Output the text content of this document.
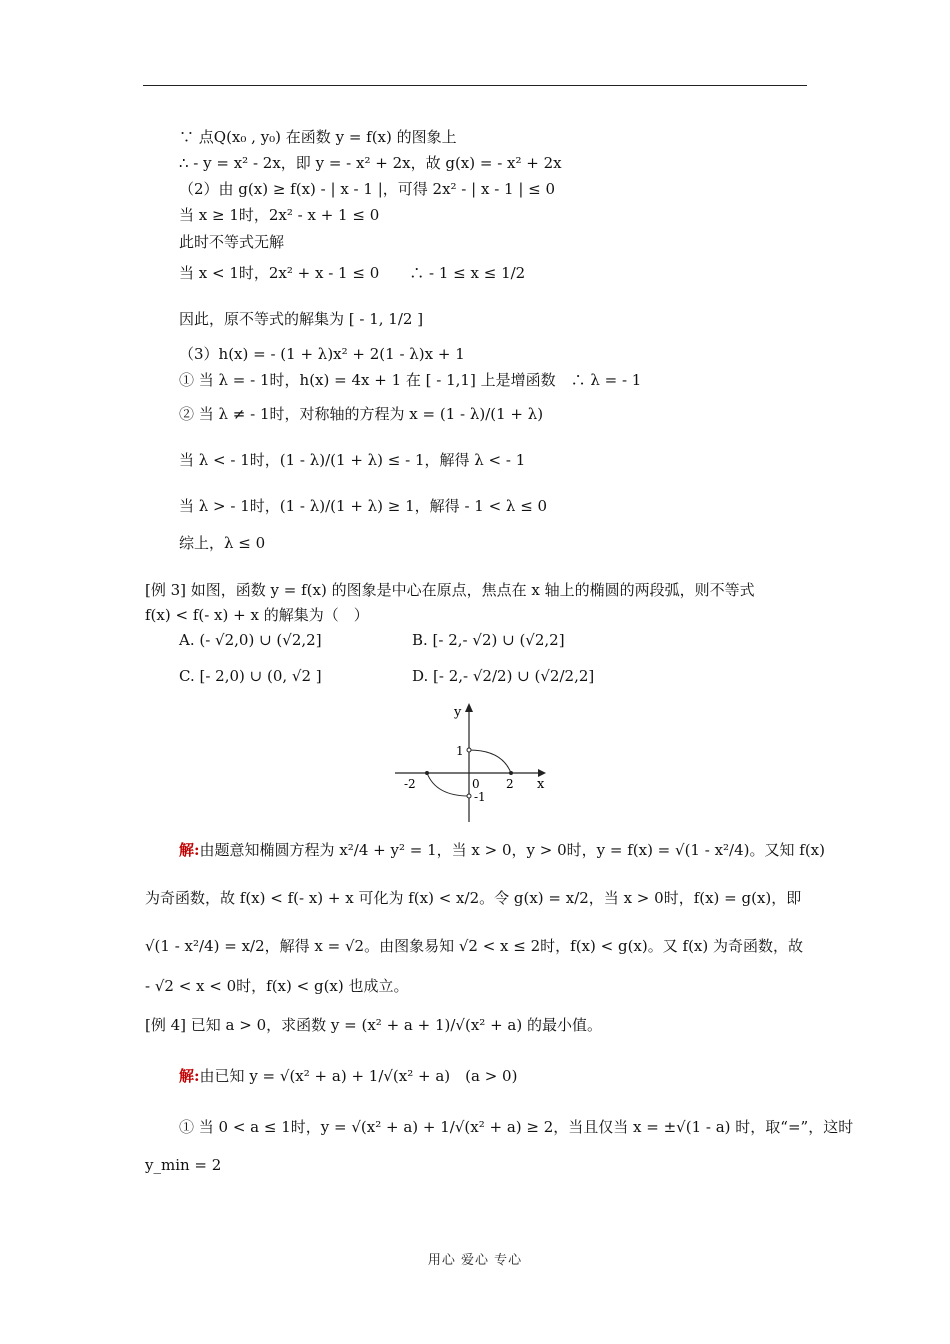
∵ 点Q(x₀ , y₀) 在函数 y = f(x) 的图象上
∴ - y = x² - 2x，即 y = - x² + 2x，故 g(x) = - x² + 2x
（2）由 g(x) ≥ f(x) - | x - 1 |，可得 2x² - | x - 1 | ≤ 0
当 x ≥ 1时，2x² - x + 1 ≤ 0
此时不等式无解
当 x < 1时，2x² + x - 1 ≤ 0　　∴ - 1 ≤ x ≤ 1/2
因此，原不等式的解集为 [ - 1, 1/2 ]
（3）h(x) = - (1 + λ)x² + 2(1 - λ)x + 1
① 当 λ = - 1时，h(x) = 4x + 1 在 [ - 1,1] 上是增函数　∴ λ = - 1
② 当 λ ≠ - 1时，对称轴的方程为 x = (1 - λ)/(1 + λ)
当 λ < - 1时，(1 - λ)/(1 + λ) ≤ - 1，解得 λ < - 1
当 λ > - 1时，(1 - λ)/(1 + λ) ≥ 1，解得 - 1 < λ ≤ 0
综上，λ ≤ 0
[例 3] 如图，函数 y = f(x) 的图象是中心在原点，焦点在 x 轴上的椭圆的两段弧，则不等式
f(x) < f(- x) + x 的解集为（　）
A. (- √2,0) ∪ (√2,2]	B. [- 2,- √2) ∪ (√2,2]
C. [- 2,0) ∪ (0, √2 ]	D. [- 2,- √2/2) ∪ (√2/2,2]
y
x
1
-2	0 2
-1
解:由题意知椭圆方程为 x²/4 + y² = 1，当 x > 0，y > 0时，y = f(x) = √(1 - x²/4)。又知 f(x)
为奇函数，故 f(x) < f(- x) + x 可化为 f(x) < x/2。令 g(x) = x/2，当 x > 0时，f(x) = g(x)，即
√(1 - x²/4) = x/2，解得 x = √2。由图象易知 √2 < x ≤ 2时，f(x) < g(x)。又 f(x) 为奇函数，故
- √2 < x < 0时，f(x) < g(x) 也成立。
[例 4] 已知 a > 0，求函数 y = (x² + a + 1)/√(x² + a) 的最小值。
解:由已知 y = √(x² + a) + 1/√(x² + a)　(a > 0)
① 当 0 < a ≤ 1时，y = √(x² + a) + 1/√(x² + a) ≥ 2，当且仅当 x = ±√(1 - a) 时，取“=”，这时
y_min = 2
用心 爱心 专心
